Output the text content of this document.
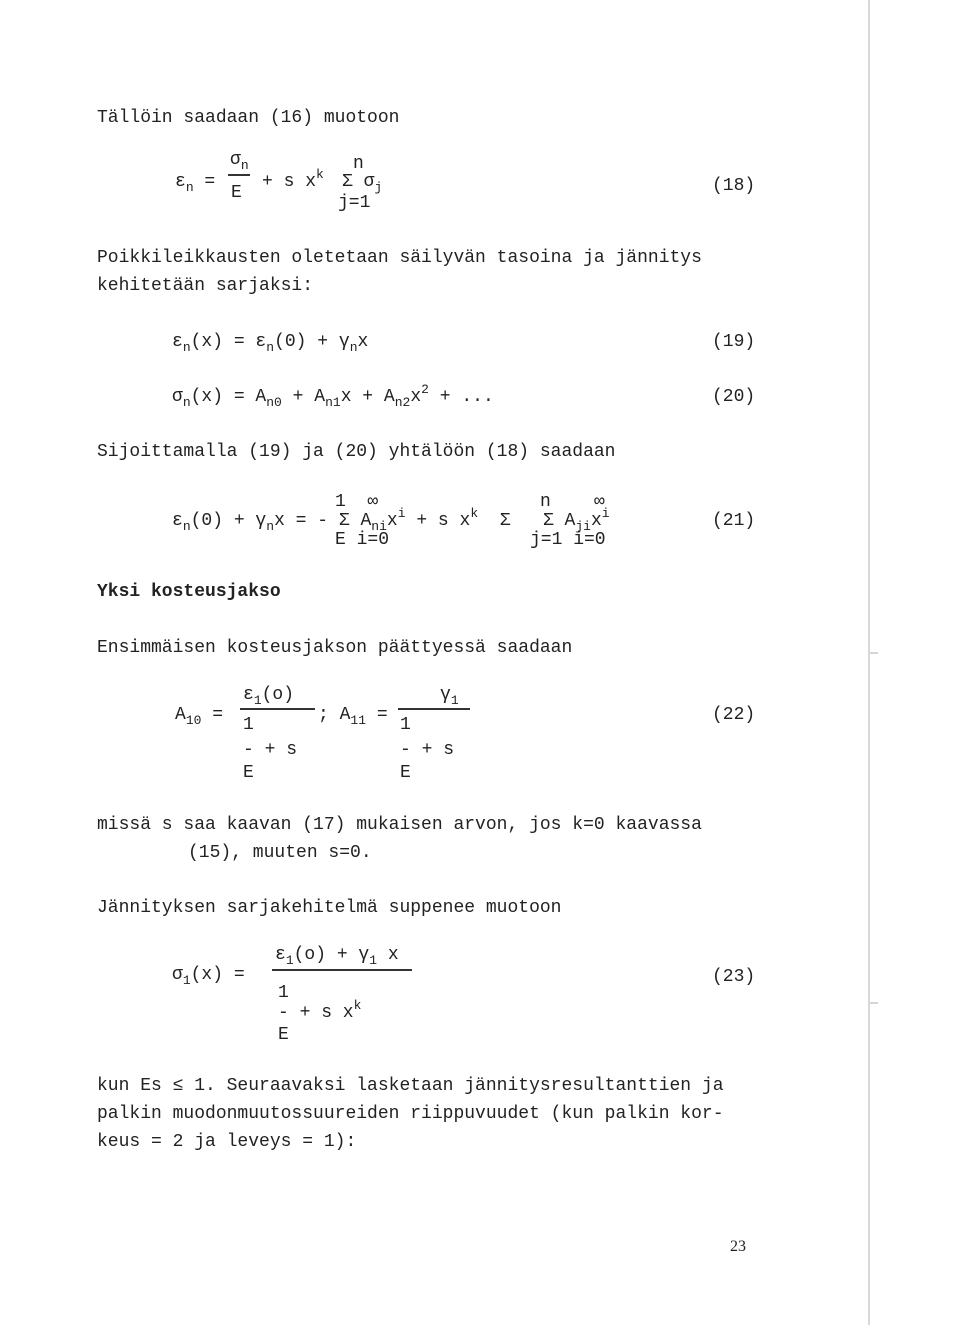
Tällöin saadaan (16) muotoon
$\sigma_n$
E
$\varepsilon_n$ =	+ s $x^k$
n
Σ $\sigma_j$
j=1
(18)
Poikkileikkausten oletetaan säilyvän tasoina ja jännitys
kehitetään sarjaksi:
$\varepsilon_n(x) = \varepsilon_n(0) + \gamma_nx$	(19)
$\sigma_n(x) = A_{n0} + A_{n1}x + A_{n2}x^2$ + ...	(20)
Sijoittamalla (19) ja (20) yhtälöön (18) saadaan
1  ∞	n    ∞
$\varepsilon_n(0) + \gamma_nx$ = - Σ $A_{ni}x^i + s$ $x^k$  Σ   Σ $A_{ji}x^i$
E i=0	j=1 i=0
(21)
Yksi kosteusjakso
Ensimmäisen kosteusjakson päättyessä saadaan
$\varepsilon_1(o)$
$A_{10}$ =	; $A_{11}$ =
1
- + s
E
$\gamma_1$
1
- + s
E
(22)
missä s saa kaavan (17) mukaisen arvon, jos k=0 kaavassa
(15), muuten s=0.
Jännityksen sarjakehitelmä suppenee muotoon
$\varepsilon_1(o) + \gamma_1$ x
$\sigma_1(x)$ =
1
- + s $x^k$
E
(23)
kun Es ≤ 1. Seuraavaksi lasketaan jännitysresultanttien ja
palkin muodonmuutossuureiden riippuvuudet (kun palkin kor-
keus = 2 ja leveys = 1):
23
